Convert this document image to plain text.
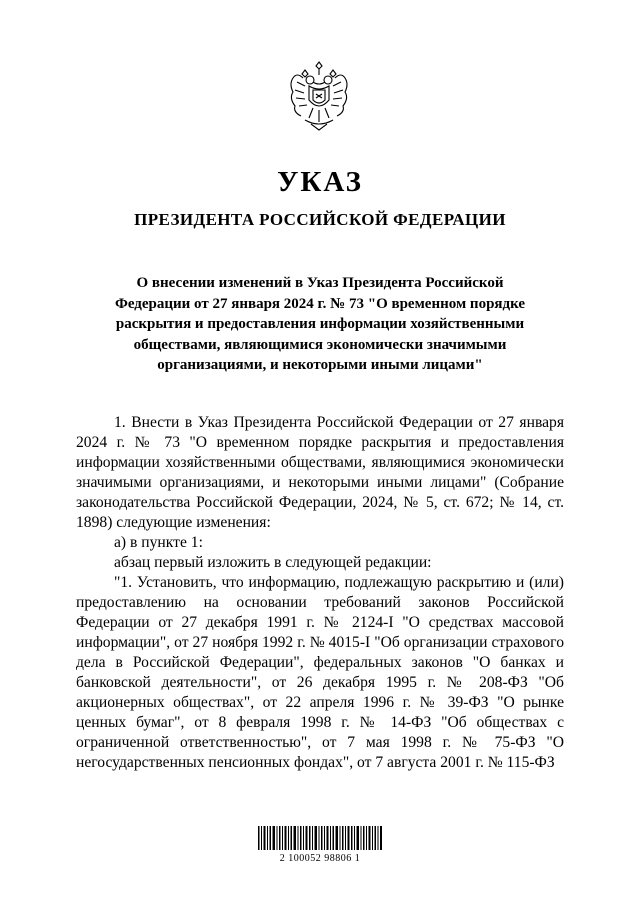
УКАЗ
ПРЕЗИДЕНТА РОССИЙСКОЙ ФЕДЕРАЦИИ

О внесении изменений в Указ Президента Российской Федерации от 27 января 2024 г. № 73 "О временном порядке раскрытия и предоставления информации хозяйственными обществами, являющимися экономически значимыми организациями, и некоторыми иными лицами"

1. Внести в Указ Президента Российской Федерации от 27 января 2024 г. № 73 "О временном порядке раскрытия и предоставления информации хозяйственными обществами, являющимися экономически значимыми организациями, и некоторыми иными лицами" (Собрание законодательства Российской Федерации, 2024, № 5, ст. 672; № 14, ст. 1898) следующие изменения:

а) в пункте 1:

абзац первый изложить в следующей редакции:

"1. Установить, что информацию, подлежащую раскрытию и (или) предоставлению на основании требований законов Российской Федерации от 27 декабря 1991 г. № 2124-I "О средствах массовой информации", от 27 ноября 1992 г. № 4015-I "Об организации страхового дела в Российской Федерации", федеральных законов "О банках и банковской деятельности", от 26 декабря 1995 г. № 208-ФЗ "Об акционерных обществах", от 22 апреля 1996 г. № 39-ФЗ "О рынке ценных бумаг", от 8 февраля 1998 г. № 14-ФЗ "Об обществах с ограниченной ответственностью", от 7 мая 1998 г. № 75-ФЗ "О негосударственных пенсионных фондах", от 7 августа 2001 г. № 115-ФЗ

2 100052 98806 1
